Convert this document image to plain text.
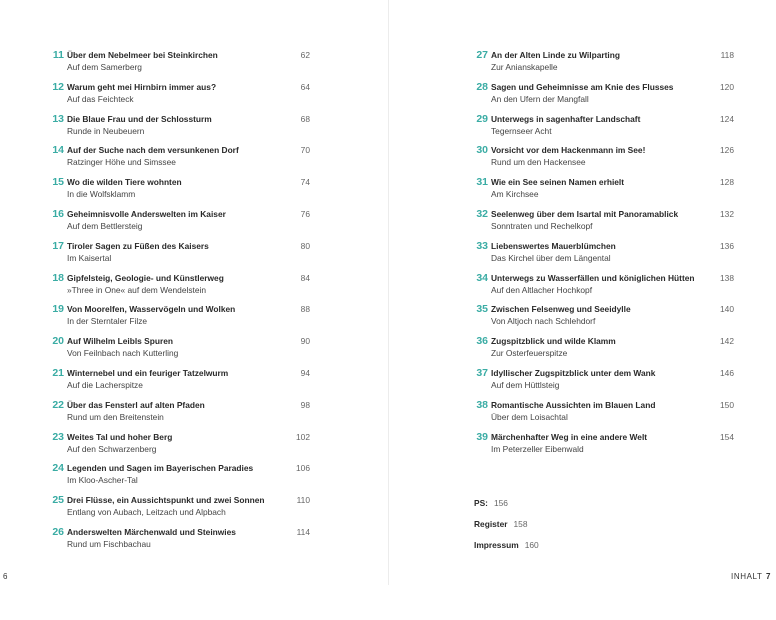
11 Über dem Nebelmeer bei Steinkirchen
Auf dem Samerberg
62
12 Warum geht mei Hirnbirn immer aus?
Auf das Feichteck
64
13 Die Blaue Frau und der Schlossturm
Runde in Neubeuern
68
14 Auf der Suche nach dem versunkenen Dorf
Ratzinger Höhe und Simssee
70
15 Wo die wilden Tiere wohnten
In die Wolfsklamm
74
16 Geheimnisvolle Anderswelten im Kaiser
Auf dem Bettlersteig
76
17 Tiroler Sagen zu Füßen des Kaisers
Im Kaisertal
80
18 Gipfelsteig, Geologie- und Künstlerweg
»Three in One« auf dem Wendelstein
84
19 Von Moorelfen, Wasservögeln und Wolken
In der Sterntaler Filze
88
20 Auf Wilhelm Leibls Spuren
Von Feilnbach nach Kutterling
90
21 Winternebel und ein feuriger Tatzelwurm
Auf die Lacherspitze
94
22 Über das Fensterl auf alten Pfaden
Rund um den Breitenstein
98
23 Weites Tal und hoher Berg
Auf den Schwarzenberg
102
24 Legenden und Sagen im Bayerischen Paradies
Im Kloo-Ascher-Tal
106
25 Drei Flüsse, ein Aussichtspunkt und zwei Sonnen
Entlang von Aubach, Leitzach und Alpbach
110
26 Anderswelten Märchenwald und Steinwies
Rund um Fischbachau
114
27 An der Alten Linde zu Wilparting
Zur Anianskapelle
118
28 Sagen und Geheimnisse am Knie des Flusses
An den Ufern der Mangfall
120
29 Unterwegs in sagenhafter Landschaft
Tegernseer Acht
124
30 Vorsicht vor dem Hackenmann im See!
Rund um den Hackensee
126
31 Wie ein See seinen Namen erhielt
Am Kirchsee
128
32 Seelenweg über dem Isartal mit Panoramablick
Sonntraten und Rechelkopf
132
33 Liebenswertes Mauerblümchen
Das Kirchel über dem Längental
136
34 Unterwegs zu Wasserfällen und königlichen Hütten
Auf den Altlacher Hochkopf
138
35 Zwischen Felsenweg und Seeidylle
Von Altjoch nach Schlehdorf
140
36 Zugspitzblick und wilde Klamm
Zur Osterfeuerspitze
142
37 Idyllischer Zugspitzblick unter dem Wank
Auf dem Hüttlsteig
146
38 Romantische Aussichten im Blauen Land
Über dem Loisachtal
150
39 Märchenhafter Weg in eine andere Welt
Im Peterzeller Eibenwald
154
PS: 156
Register 158
Impressum 160
6	INHALT 7
